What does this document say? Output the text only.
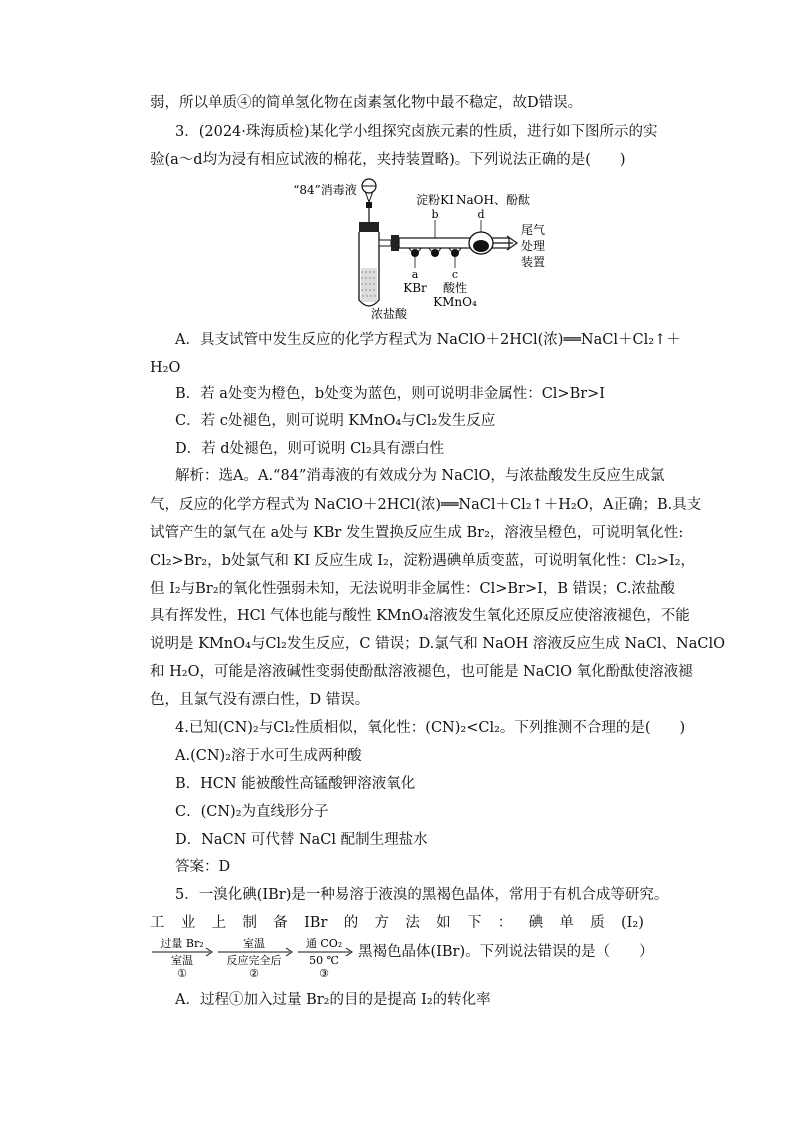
弱，所以单质④的简单氢化物在卤素氢化物中最不稳定，故D错误。
3．(2024·珠海质检)某化学小组探究卤族元素的性质，进行如下图所示的实
验(a～d均为浸有相应试液的棉花，夹持装置略)。下列说法正确的是(　　)
“84”消毒液
淀粉KI
b
NaOH、酚酞
d
尾气
处理
装置
a
KBr
c
酸性
KMnO₄
浓盐酸
A．具支试管中发生反应的化学方程式为 NaClO＋2HCl(浓)══NaCl＋Cl₂↑＋
H₂O
B．若 a处变为橙色，b处变为蓝色，则可说明非金属性：Cl>Br>I
C．若 c处褪色，则可说明 KMnO₄与Cl₂发生反应
D．若 d处褪色，则可说明 Cl₂具有漂白性
解析：选A。A.“84”消毒液的有效成分为 NaClO，与浓盐酸发生反应生成氯
气，反应的化学方程式为 NaClO＋2HCl(浓)══NaCl＋Cl₂↑＋H₂O，A正确；B.具支
试管产生的氯气在 a处与 KBr 发生置换反应生成 Br₂，溶液呈橙色，可说明氧化性:
Cl₂>Br₂，b处氯气和 KI 反应生成 I₂，淀粉遇碘单质变蓝，可说明氧化性：Cl₂>I₂，
但 I₂与Br₂的氧化性强弱未知，无法说明非金属性：Cl>Br>I，B 错误；C.浓盐酸
具有挥发性，HCl 气体也能与酸性 KMnO₄溶液发生氧化还原反应使溶液褪色，不能
说明是 KMnO₄与Cl₂发生反应，C 错误；D.氯气和 NaOH 溶液反应生成 NaCl、NaClO
和 H₂O，可能是溶液碱性变弱使酚酞溶液褪色，也可能是 NaClO 氧化酚酞使溶液褪
色，且氯气没有漂白性，D 错误。
4.已知(CN)₂与Cl₂性质相似，氧化性：(CN)₂<Cl₂。下列推测不合理的是(　　)
A.(CN)₂溶于水可生成两种酸
B．HCN 能被酸性高锰酸钾溶液氧化
C．(CN)₂为直线形分子
D．NaCN 可代替 NaCl 配制生理盐水
答案：D
5．一溴化碘(IBr)是一种易溶于液溴的黑褐色晶体，常用于有机合成等研究。
工 业 上 制 备 IBr 的 方 法 如 下 ： 碘 单 质 (I₂)
过量 Br₂
室温
①
室温
反应完全后
②
通 CO₂
50 ℃
③
黑褐色晶体(IBr)。下列说法错误的是（　　）
A．过程①加入过量 Br₂的目的是提高 I₂的转化率
